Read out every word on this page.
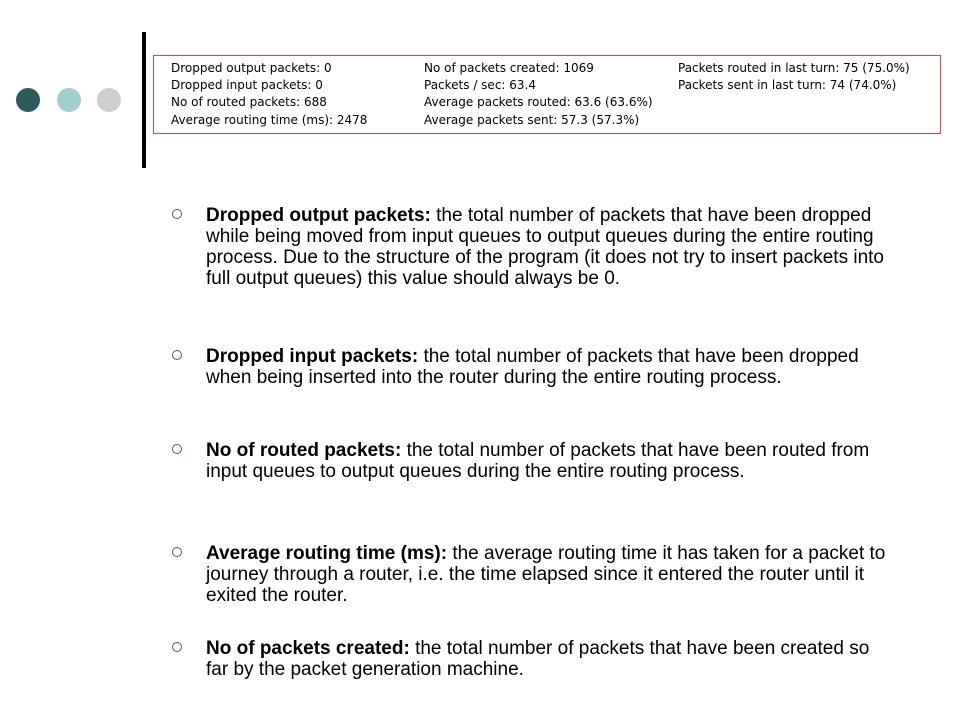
Dropped output packets: 0
Dropped input packets: 0
No of routed packets: 688
Average routing time (ms): 2478
No of packets created: 1069
Packets / sec: 63.4
Average packets routed: 63.6 (63.6%)
Average packets sent: 57.3 (57.3%)
Packets routed in last turn: 75 (75.0%)
Packets sent in last turn: 74 (74.0%)
Dropped output packets: the total number of packets that have been dropped while being moved from input queues to output queues during the entire routing process. Due to the structure of the program (it does not try to insert packets into full output queues) this value should always be 0.
Dropped input packets: the total number of packets that have been dropped when being inserted into the router during the entire routing process.
No of routed packets: the total number of packets that have been routed from input queues to output queues during the entire routing process.
Average routing time (ms): the average routing time it has taken for a packet to journey through a router, i.e. the time elapsed since it entered the router until it exited the router.
No of packets created: the total number of packets that have been created so far by the packet generation machine.
